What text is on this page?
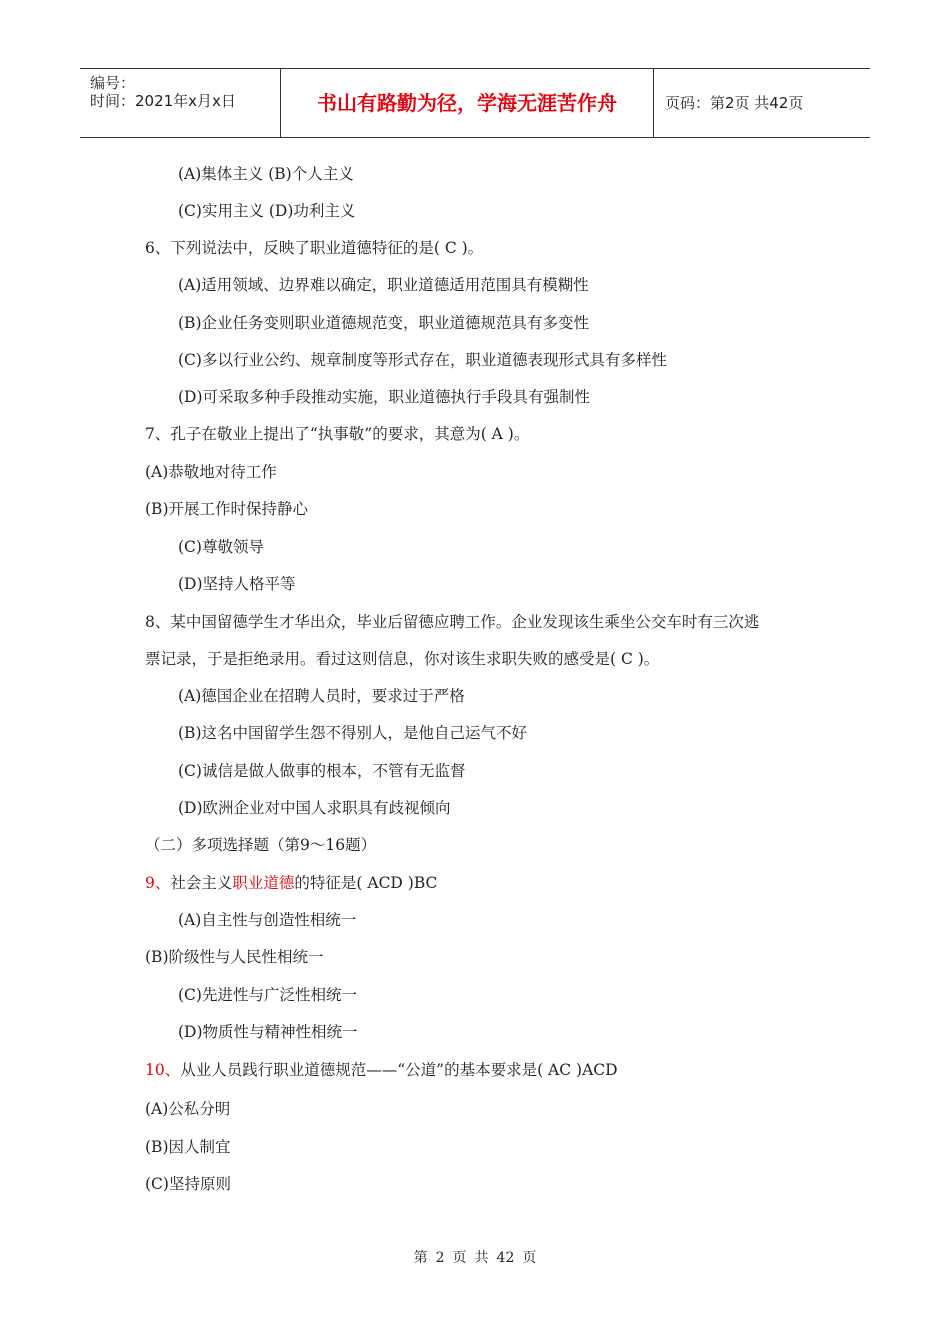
编号：
时间：2021年x月x日	书山有路勤为径，学海无涯苦作舟	页码：第2页 共42页
(A)集体主义 (B)个人主义
(C)实用主义 (D)功利主义
6、下列说法中，反映了职业道德特征的是( C )。
(A)适用领域、边界难以确定，职业道德适用范围具有模糊性
(B)企业任务变则职业道德规范变，职业道德规范具有多变性
(C)多以行业公约、规章制度等形式存在，职业道德表现形式具有多样性
(D)可采取多种手段推动实施，职业道德执行手段具有强制性
7、孔子在敬业上提出了“执事敬”的要求，其意为( A )。
(A)恭敬地对待工作
(B)开展工作时保持静心
(C)尊敬领导
(D)坚持人格平等
8、某中国留德学生才华出众，毕业后留德应聘工作。企业发现该生乘坐公交车时有三次逃
票记录，于是拒绝录用。看过这则信息，你对该生求职失败的感受是( C )。
(A)德国企业在招聘人员时，要求过于严格
(B)这名中国留学生怨不得别人，是他自己运气不好
(C)诚信是做人做事的根本，不管有无监督
(D)欧洲企业对中国人求职具有歧视倾向
（二）多项选择题（第9～16题）
9、社会主义职业道德的特征是( ACD )BC
(A)自主性与创造性相统一
(B)阶级性与人民性相统一
(C)先进性与广泛性相统一
(D)物质性与精神性相统一
10、从业人员践行职业道德规范——“公道”的基本要求是( AC )ACD
(A)公私分明
(B)因人制宜
(C)坚持原则
第 2 页 共 42 页
